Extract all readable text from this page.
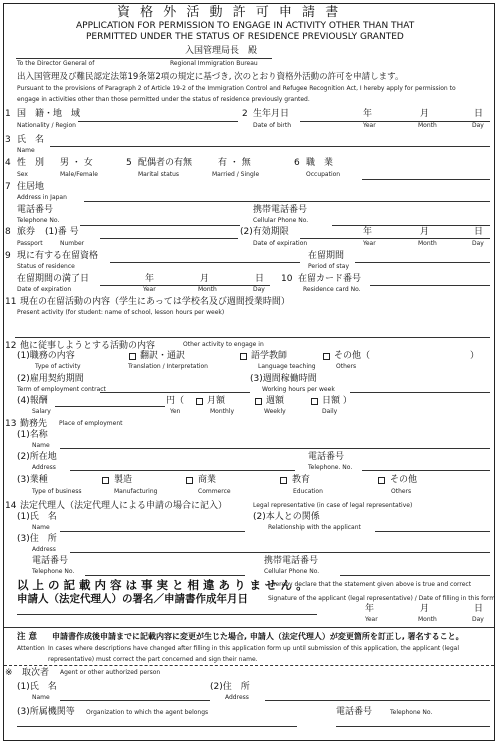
資 格 外 活 動 許 可 申 請 書
APPLICATION FOR PERMISSION TO ENGAGE IN ACTIVITY OTHER THAN THAT
PERMITTED UNDER THE STATUS OF RESIDENCE PREVIOUSLY GRANTED
入国管理局長　殿
To the Director General of	Regional Immigration Bureau
出入国管理及び難民認定法第19条第2項の規定に基づき, 次のとおり資格外活動の許可を申請します。
Pursuant to the provisions of Paragraph 2 of Article 19-2 of the Immigration Control and Refugee Recognition Act, I hereby apply for permission to
engage in activities other than those permitted under the status of residence previously granted.
1 国　籍・地　域
Nationality / Region
2 生年月日
Date of birth
年	月	日
Year	Month	Day
3 氏　名
Name
4 性　別 男 ・ 女
Sex	Male/Female
5 配偶者の有無	有 ・ 無
Marital status	Married / Single
6 職　業
Occupation
7 住居地
Address in Japan
電話番号
Telephone No.
携帯電話番号
Cellular Phone No.
8 旅券 (1)番 号
Passport	Number
(2)有効期限
Date of expiration
年	月	日
Year	Month	Day
9 現に有する在留資格
Status of residence
在留期間
Period of stay
在留期間の満了日
Date of expiration
年	月	日
Year	Month	Day
10 在留カード番号
Residence card No.
11 現在の在留活動の内容（学生にあっては学校名及び週間授業時間）
Present activity (for student: name of school, lesson hours per week)
12 他に従事しようとする活動の内容	Other activity to engage in
(1)職務の内容
Type of activity
翻訳・通訳
Translation / Interpretation
語学教師
Language teaching
その他（	）
Others
(2)雇用契約期間
Term of employment contract
(3)週間稼働時間
Working hours per week
(4)報酬
Salary
円（
Yen
月額
Monthly
週額
Weekly
日額 ）
Daily
13 勤務先 Place of employment
(1)名称
Name
(2)所在地
Address
電話番号
Telephone. No.
(3)業種
Type of business
製造
Manufacturing
商業
Commerce
教育
Education
その他
Others
14 法定代理人（法定代理人による申請の場合に記入）	Legal representative (in case of legal representative)
(1)氏　名
Name
(2)本人との関係
Relationship with the applicant
(3)住　所
Address
電話番号
Telephone No.
携帯電話番号
Cellular Phone No.
以 上 の 記 載 内 容 は 事 実 と 相 違 あ り ま せ ん 。
I hereby declare that the statement given above is true and correct
申請人（法定代理人）の署名／申請書作成年月日	Signature of the applicant (legal representative) / Date of filling in this form
年	月	日
Year	Month	Day
注 意 申請書作成後申請までに記載内容に変更が生じた場合, 申請人（法定代理人）が変更箇所を訂正し, 署名すること。
Attention In cases where descriptions have changed after filling in this application form up until submission of this application, the applicant (legal
representative) must correct the part concerned and sign their name.
※ 取次者 Agent or other authorized person
(1)氏　名
Name
(2)住　所
Address
(3)所属機関等 Organization to which the agent belongs	電話番号	Telephone No.
